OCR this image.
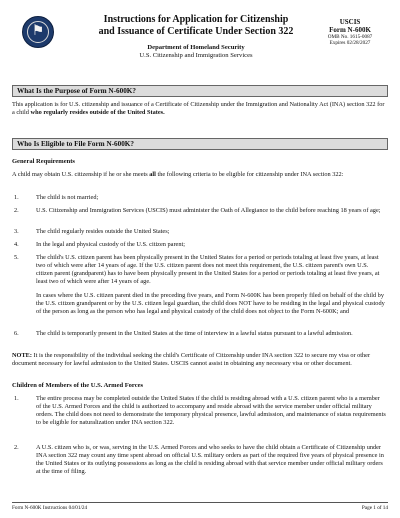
⚑
Instructions for Application for Citizenship
and Issuance of Certificate Under Section 322
Department of Homeland Security
U.S. Citizenship and Immigration Services
USCIS
Form N-600K
OMB No. 1615-0087
Expires 02/28/2027
What Is the Purpose of Form N-600K?
This application is for U.S. citizenship and issuance of a Certificate of Citizenship under the Immigration and Nationality Act (INA) section 322 for a child who regularly resides outside of the United States.
Who Is Eligible to File Form N-600K?
General Requirements
A child may obtain U.S. citizenship if he or she meets all the following criteria to be eligible for citizenship under INA section 322:
1.	The child is not married;
2.	U.S. Citizenship and Immigration Services (USCIS) must administer the Oath of Allegiance to the child before reaching 18 years of age;
3.	The child regularly resides outside the United States;
4.	In the legal and physical custody of the U.S. citizen parent;
5.	The child's U.S. citizen parent has been physically present in the United States for a period or periods totaling at least five years, at least two of which were after 14 years of age. If the U.S. citizen parent does not meet this requirement, the U.S. citizen parent's own U.S. citizen parent (grandparent) has to have been physically present in the United States for a period or periods totaling at least five years, at least two of which were after 14 years of age.
In cases where the U.S. citizen parent died in the preceding five years, and Form N-600K has been properly filed on behalf of the child by the U.S. citizen grandparent or by the U.S. citizen legal guardian, the child does NOT have to be residing in the legal and physical custody of the person as long as the person who has legal and physical custody of the child does not object to the Form N-600K; and
6.	The child is temporarily present in the United States at the time of interview in a lawful status pursuant to a lawful admission.
NOTE: It is the responsibility of the individual seeking the child's Certificate of Citizenship under INA section 322 to secure my visa or other document necessary for lawful admission to the United States. USCIS cannot assist in obtaining any necessary visa or other document.
Children of Members of the U.S. Armed Forces
1.	The entire process may be completed outside the United States if the child is residing abroad with a U.S. citizen parent who is a member of the U.S. Armed Forces and the child is authorized to accompany and reside abroad with the service member under official military orders. The child does not need to demonstrate the temporary physical presence, lawful admission, and maintenance of status requirements to be eligible for naturalization under INA section 322.
2.	A U.S. citizen who is, or was, serving in the U.S. Armed Forces and who seeks to have the child obtain a Certificate of Citizenship under INA section 322 may count any time spent abroad on official U.S. military orders as part of the required five years of physical presence in the United States or its outlying possessions as long as the child is residing abroad with that service member under official military orders at the time of filing.
Form N-600K Instructions 04/01/24	Page 1 of 14
